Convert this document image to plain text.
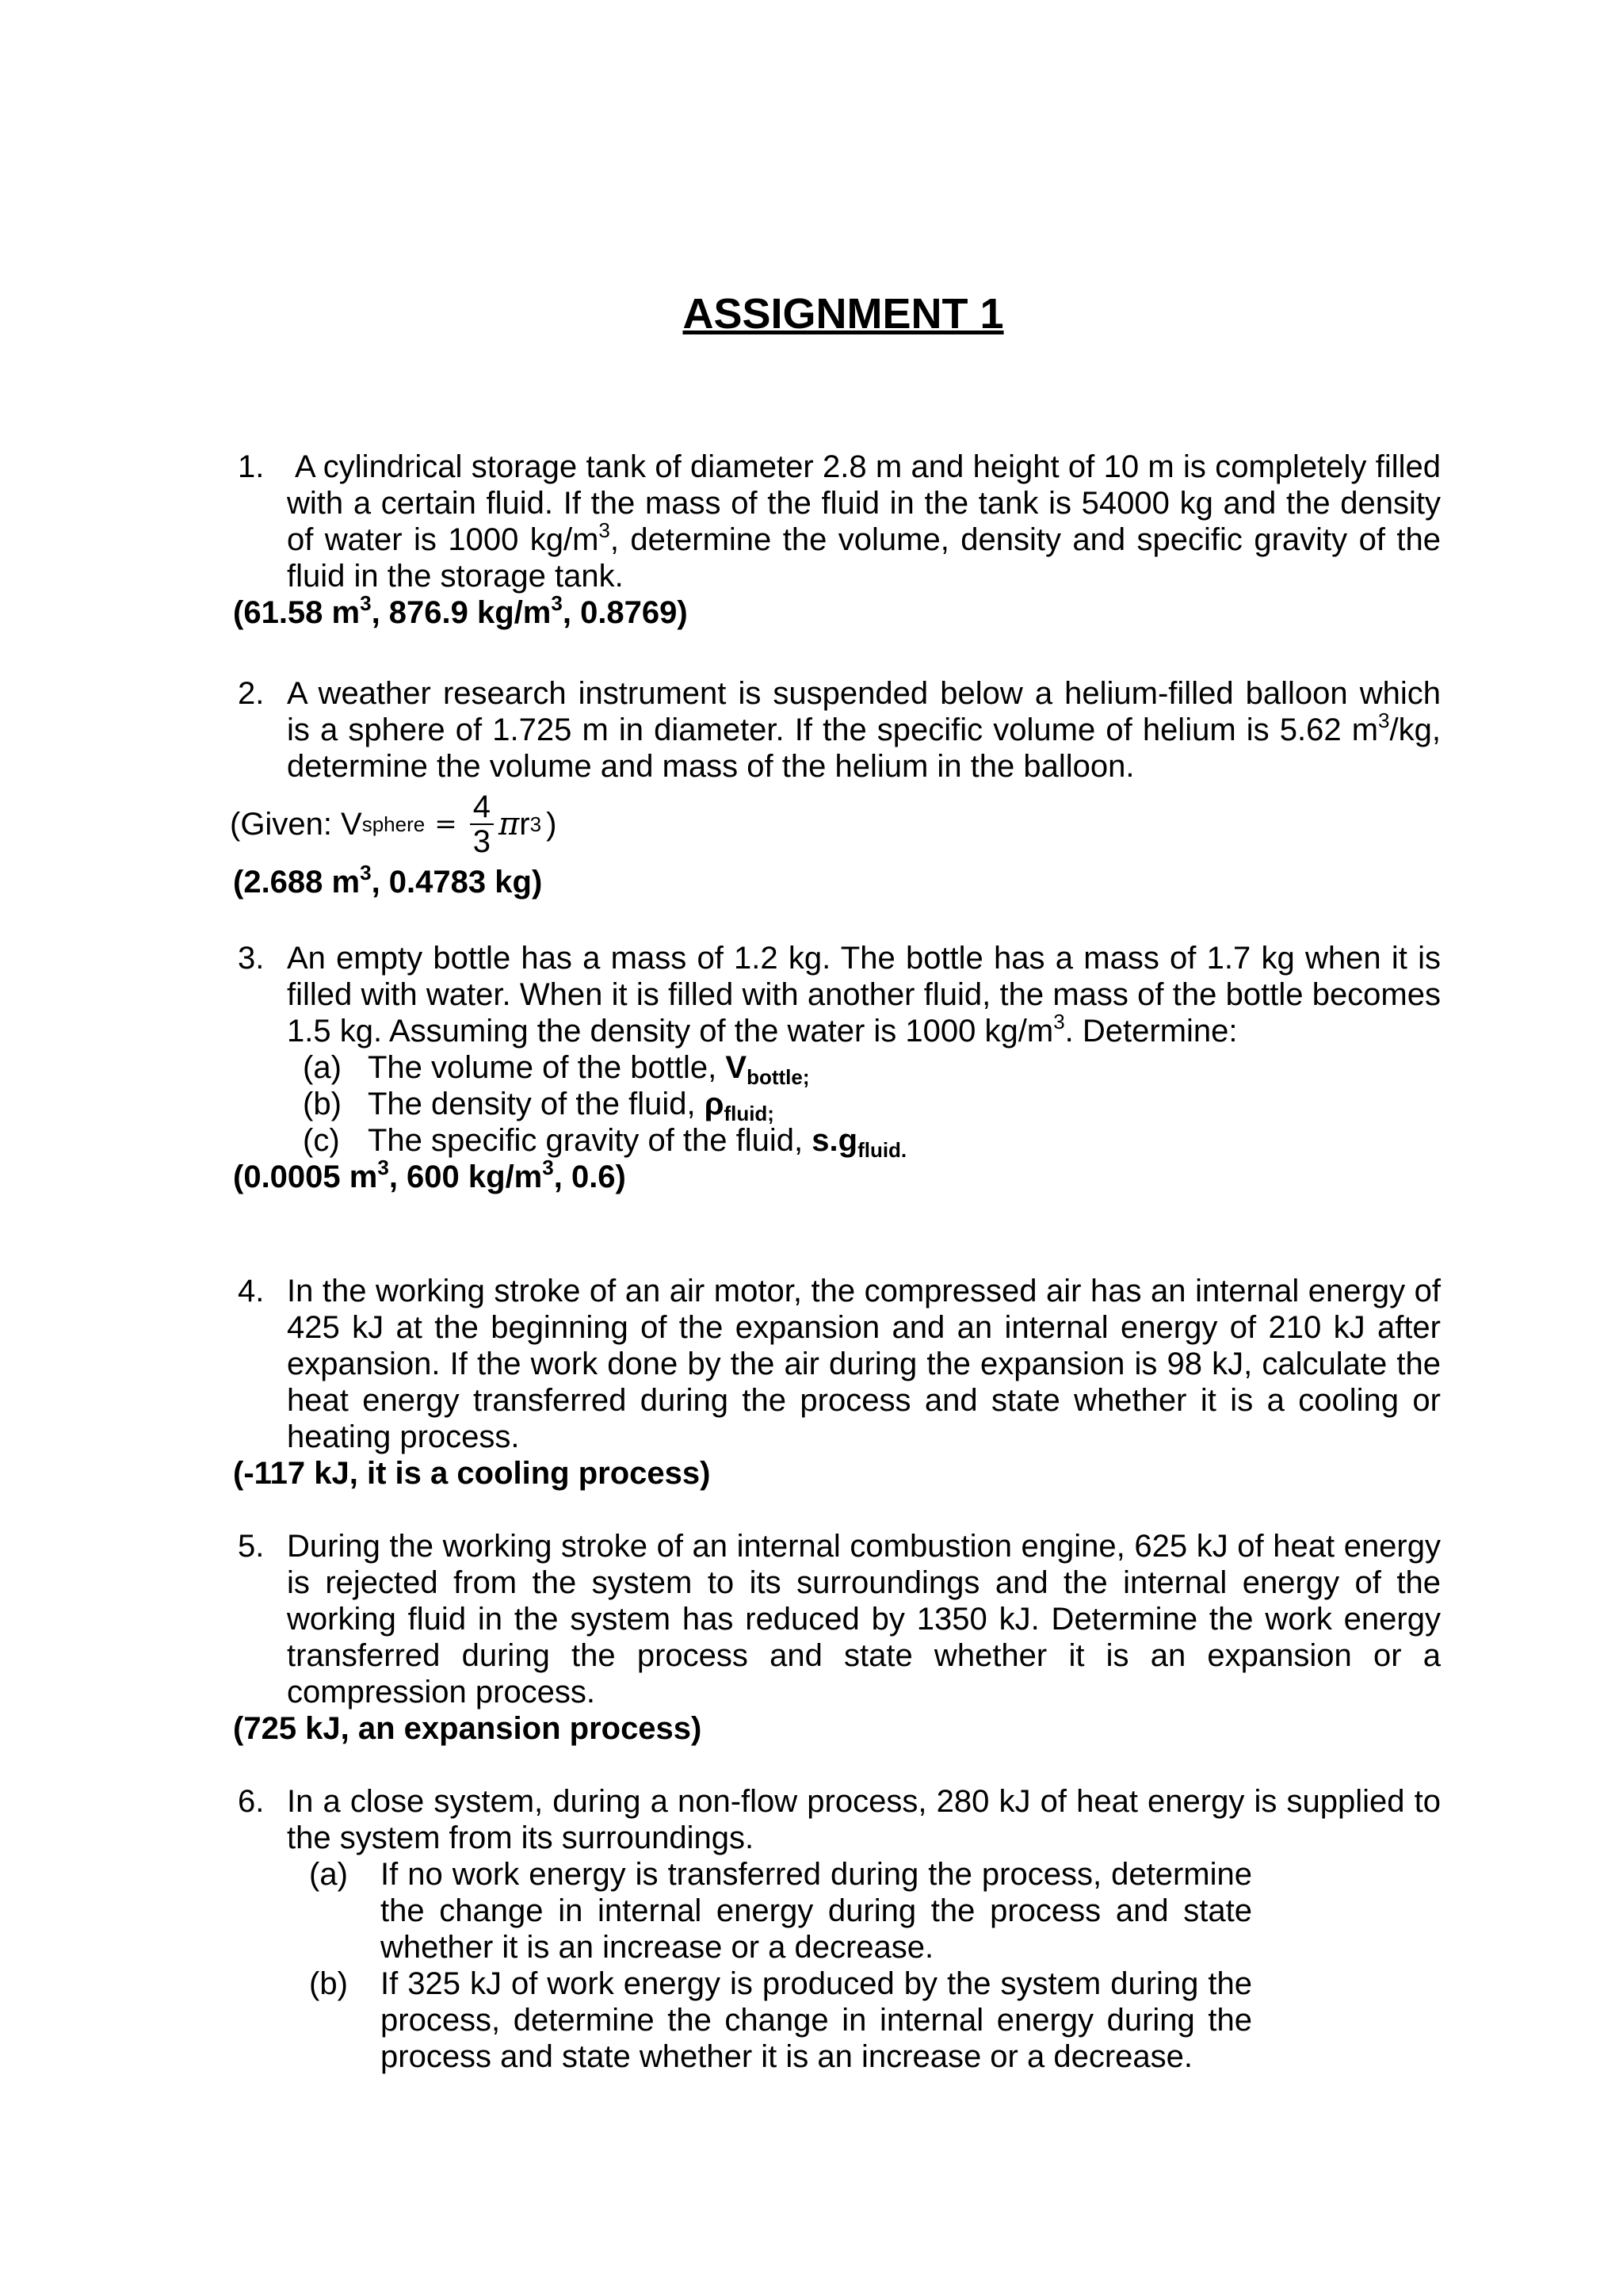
ASSIGNMENT 1
1. A cylindrical storage tank of diameter 2.8 m and height of 10 m is completely filled with a certain fluid. If the mass of the fluid in the tank is 54000 kg and the density of water is 1000 $kg/m^3$, determine the volume, density and specific gravity of the fluid in the storage tank.
(61.58 $m^3$, 876.9 $kg/m^3$, 0.8769)
2. A weather research instrument is suspended below a helium-filled balloon which is a sphere of 1.725 m in diameter. If the specific volume of helium is 5.62 $m^3/kg$, determine the volume and mass of the helium in the balloon.
(Given: V sphere = $\frac{4}{3}$ π r 3 )
(2.688 $m^3$, 0.4783 kg)
3. An empty bottle has a mass of 1.2 kg. The bottle has a mass of 1.7 kg when it is filled with water. When it is filled with another fluid, the mass of the bottle becomes 1.5 kg. Assuming the density of the water is 1000 $kg/m^3$. Determine:
(a) The volume of the bottle, $V_{bottle;}$
(b) The density of the fluid, $\rho_{fluid;}$
(c) The specific gravity of the fluid, $s.g_{fluid.}$
(0.0005 $m^3$, 600 $kg/m^3$, 0.6)
4. In the working stroke of an air motor, the compressed air has an internal energy of 425 kJ at the beginning of the expansion and an internal energy of 210 kJ after expansion. If the work done by the air during the expansion is 98 kJ, calculate the heat energy transferred during the process and state whether it is a cooling or heating process.
(-117 kJ, it is a cooling process)
5. During the working stroke of an internal combustion engine, 625 kJ of heat energy is rejected from the system to its surroundings and the internal energy of the working fluid in the system has reduced by 1350 kJ. Determine the work energy transferred during the process and state whether it is an expansion or a compression process.
(725 kJ, an expansion process)
6. In a close system, during a non-flow process, 280 kJ of heat energy is supplied to the system from its surroundings.
(a)	If no work energy is transferred during the process, determine the change in internal energy during the process and state whether it is an increase or a decrease.
(b)	If 325 kJ of work energy is produced by the system during the process, determine the change in internal energy during the process and state whether it is an increase or a decrease.
